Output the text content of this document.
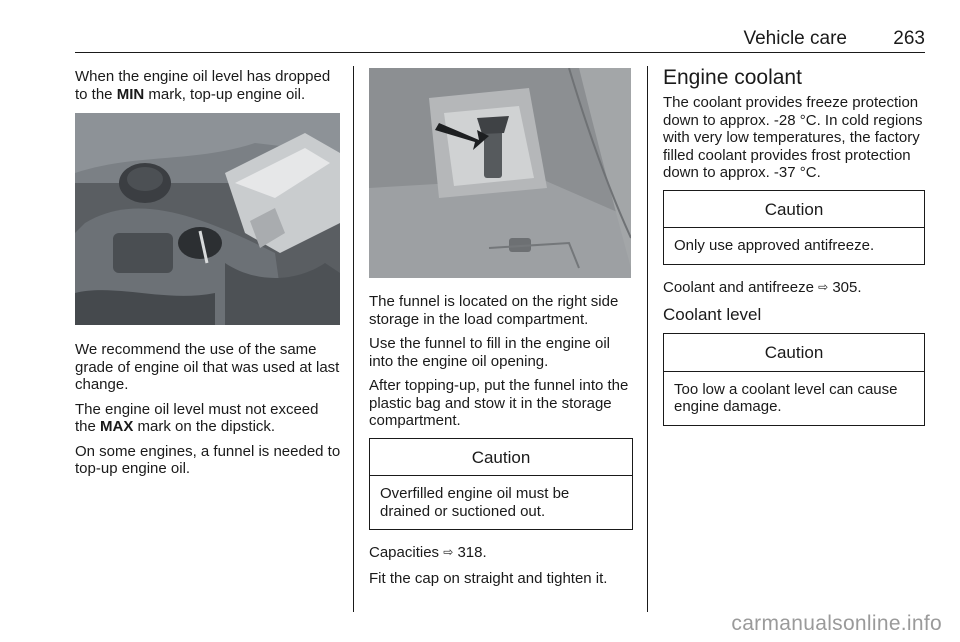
Vehicle care 263

When the engine oil level has dropped to the MIN mark, top-up engine oil.

We recommend the use of the same grade of engine oil that was used at last change.

The engine oil level must not exceed the MAX mark on the dipstick.

On some engines, a funnel is needed to top-up engine oil.

The funnel is located on the right side storage in the load compartment.

Use the funnel to fill in the engine oil into the engine oil opening.

After topping-up, put the funnel into the plastic bag and stow it in the storage compartment.

Caution
Overfilled engine oil must be drained or suctioned out.

Capacities ⇨ 318.

Fit the cap on straight and tighten it.

Engine coolant

The coolant provides freeze protection down to approx. -28 °C. In cold regions with very low temperatures, the factory filled coolant provides frost protection down to approx. -37 °C.

Caution
Only use approved antifreeze.

Coolant and antifreeze ⇨ 305.

Coolant level
Caution
Too low a coolant level can cause engine damage.
carmanualsonline.info
